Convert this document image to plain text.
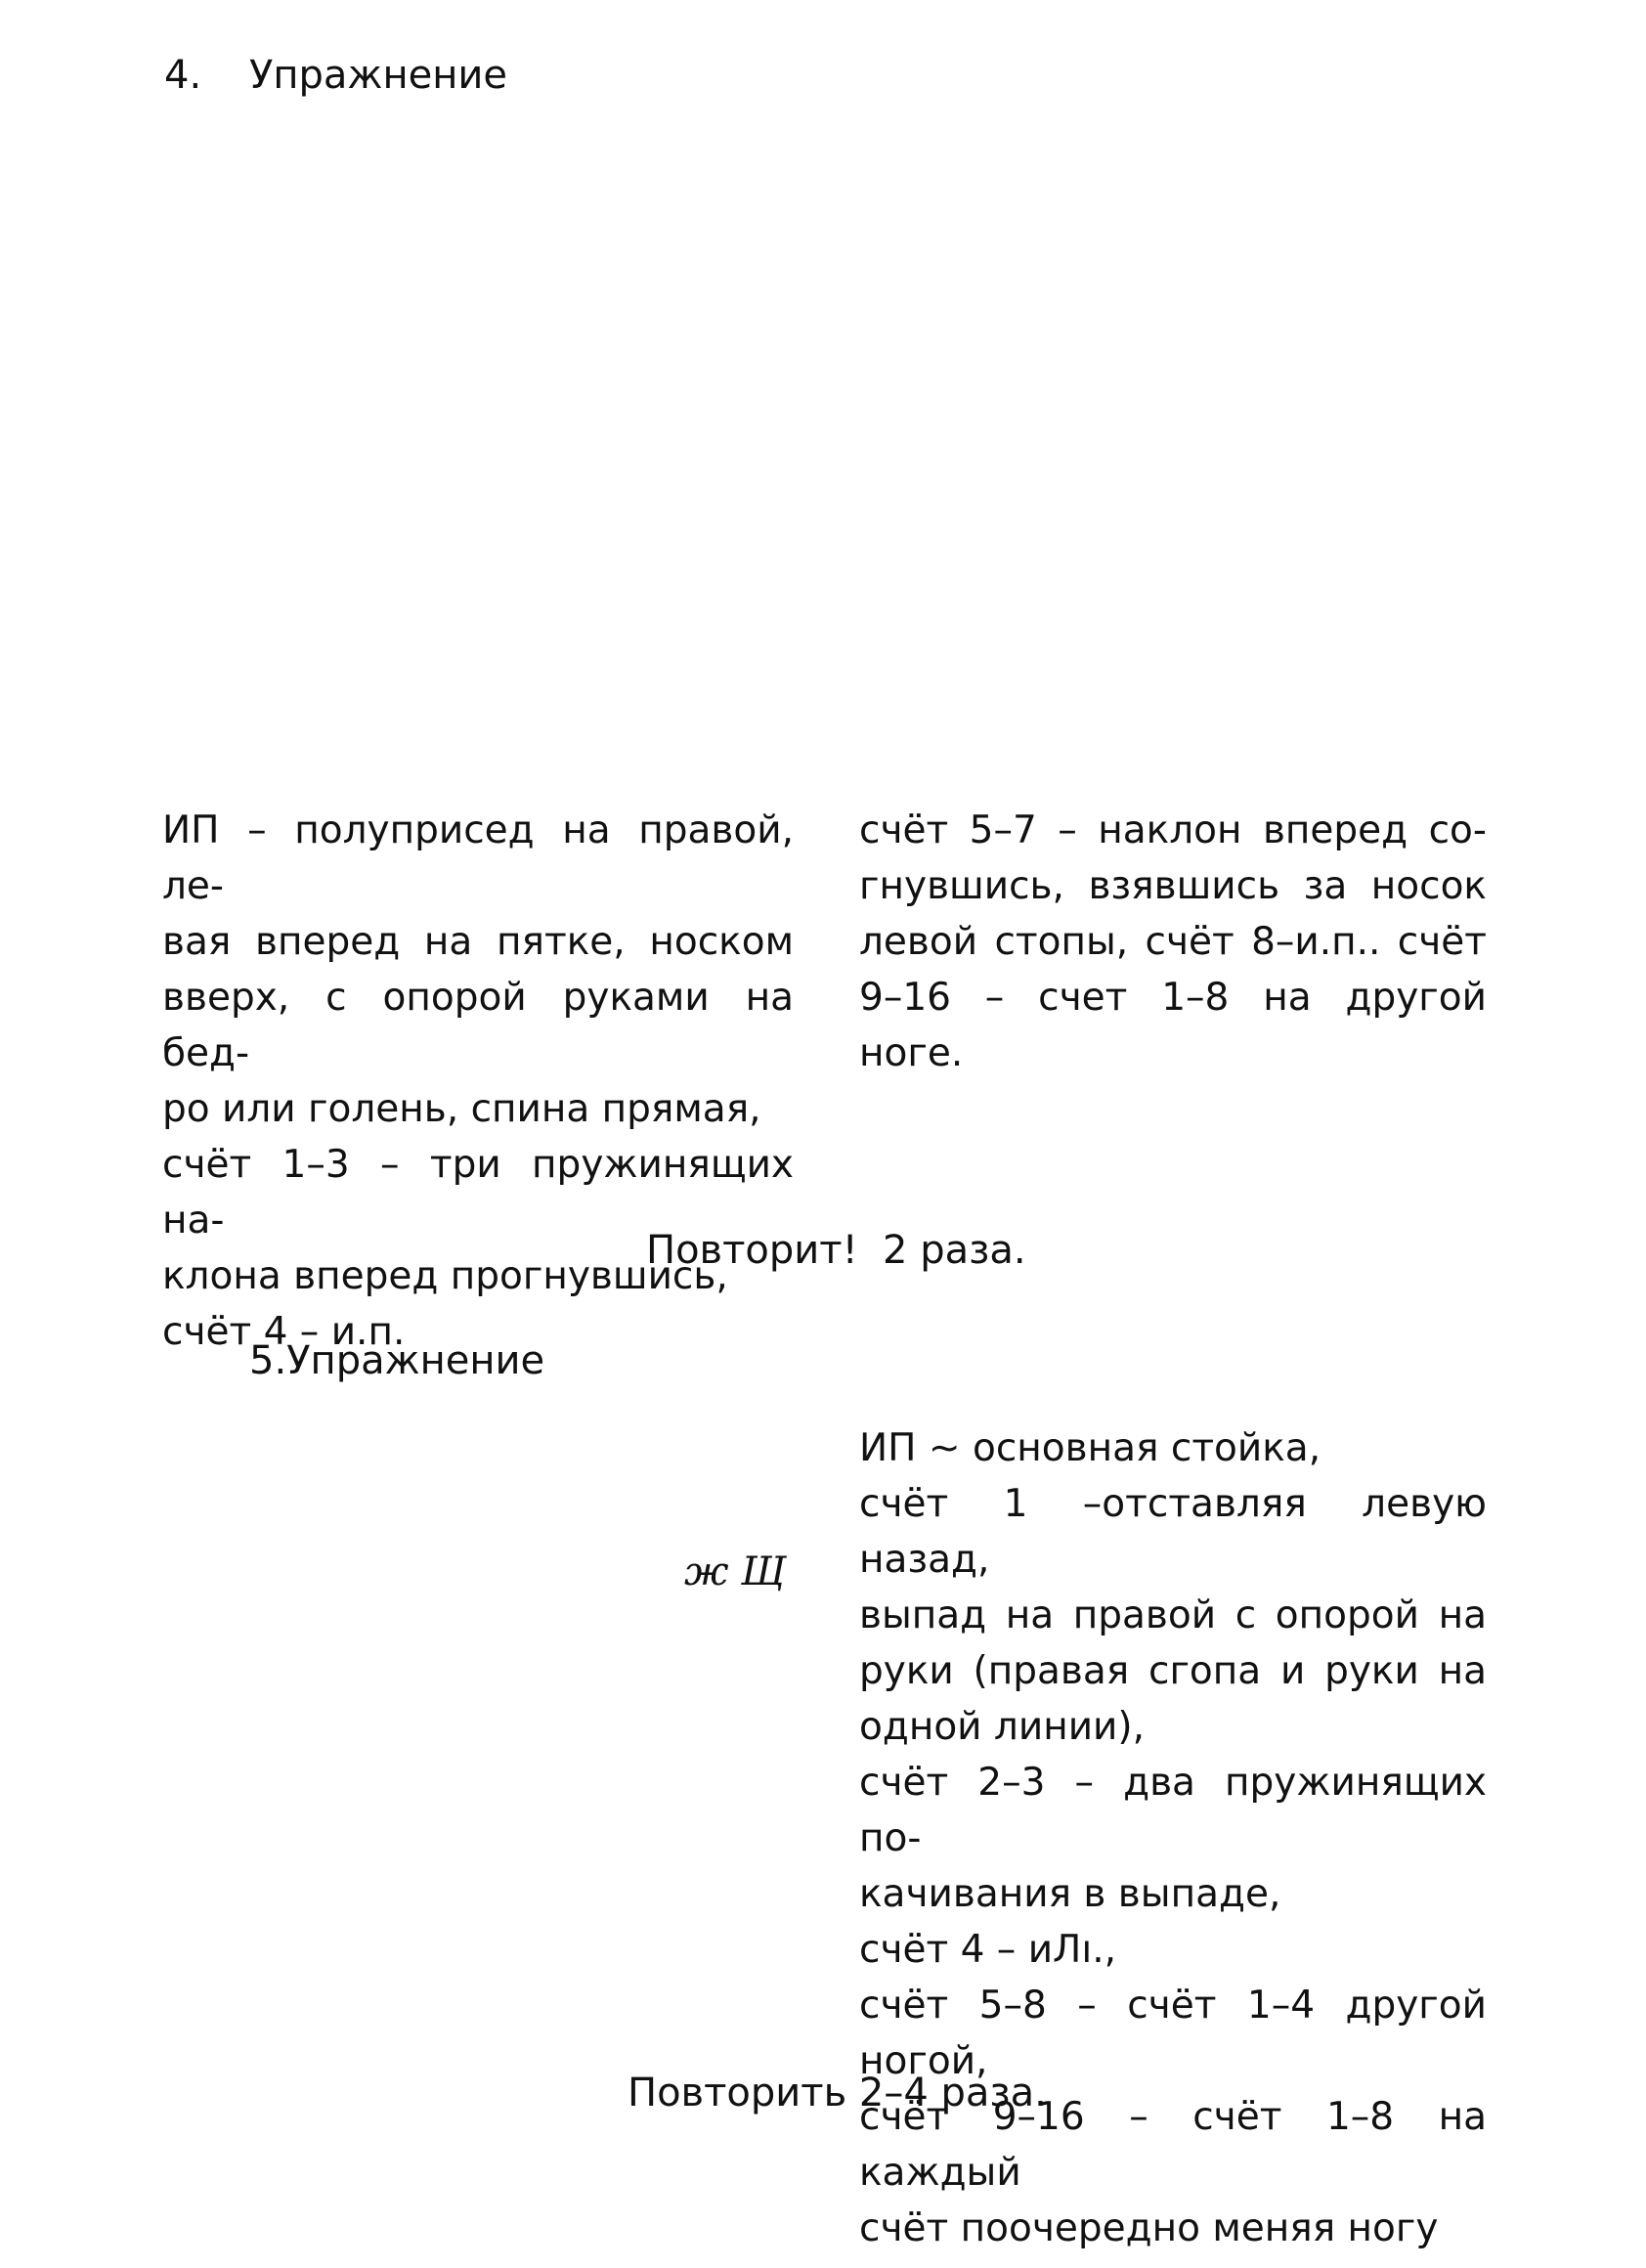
4. Упражнение
ИП – полуприсед на правой, ле-
вая вперед на пятке, носком
вверх, с опорой руками на бед-
ро или голень, спина прямая,
счёт 1–3 – три пружинящих на-
клона вперед прогнувшись,
счёт 4 – и.п.
счёт 5–7 – наклон вперед со-
гнувшись, взявшись за носок
левой стопы, счёт 8–и.п.. счёт
9–16 – счет 1–8 на другой ноге.
Повторит!  2 раза.
5.Упражнение
ж Щ
ИП ~ основная стойка,
счёт 1 –отставляя левую назад,
выпад на правой с опорой на
руки (правая сгопа и руки на
одной линии),
счёт 2–3 – два пружинящих по-
качивания в выпаде,
счёт 4 – иЛı.,
счёт 5–8 – счёт 1–4 другой ногой,
счёт 9–16 – счёт 1–8 на каждый
счёт поочередно меняя ногу
Повторить 2–4 раза.
